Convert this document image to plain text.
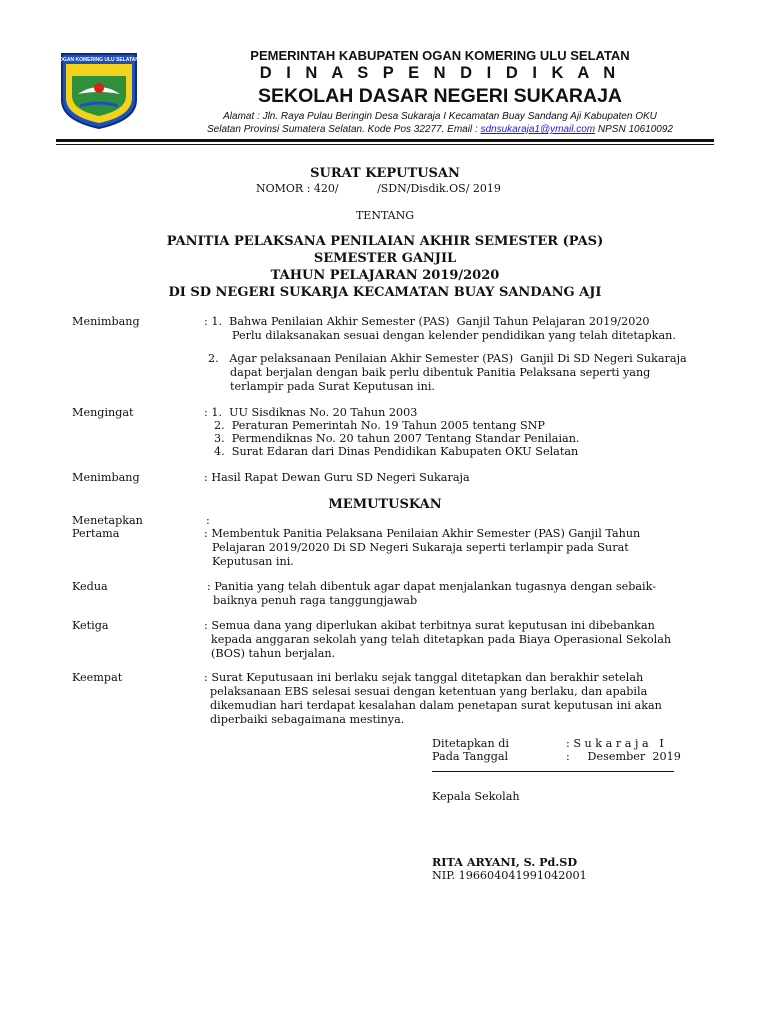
OGAN KOMERING ULU SELATAN	PEMERINTAH KABUPATEN OGAN KOMERING ULU SELATAN
D I N A S P E N D I D I K A N
SEKOLAH DASAR NEGERI SUKARAJA
Alamat : Jln. Raya Pulau Beringin Desa Sukaraja I Kecamatan Buay Sandang Aji Kabupaten OKU
Selatan Provinsi Sumatera Selatan. Kode Pos 32277. Email : sdnsukaraja1@ymail.com NPSN 10610092
SURAT KEPUTUSAN
NOMOR : 420/           /SDN/Disdik.OS/ 2019
TENTANG
PANITIA PELAKSANA PENILAIAN AKHIR SEMESTER (PAS)
SEMESTER GANJIL
TAHUN PELAJARAN 2019/2020
DI SD NEGERI SUKARJA KECAMATAN BUAY SANDANG AJI
Menimbang	: 1.  Bahwa Penilaian Akhir Semester (PAS)  Ganjil Tahun Pelajaran 2019/2020
Perlu dilaksanakan sesuai dengan kelender pendidikan yang telah ditetapkan.
2.   Agar pelaksanaan Penilaian Akhir Semester (PAS)  Ganjil Di SD Negeri Sukaraja
dapat berjalan dengan baik perlu dibentuk Panitia Pelaksana seperti yang
terlampir pada Surat Keputusan ini.
Mengingat	: 1.  UU Sisdiknas No. 20 Tahun 2003
2.  Peraturan Pemerintah No. 19 Tahun 2005 tentang SNP
3.  Permendiknas No. 20 tahun 2007 Tentang Standar Penilaian.
4.  Surat Edaran dari Dinas Pendidikan Kabupaten OKU Selatan
Menimbang	: Hasil Rapat Dewan Guru SD Negeri Sukaraja
MEMUTUSKAN
Menetapkan	:
Pertama	: Membentuk Panitia Pelaksana Penilaian Akhir Semester (PAS) Ganjil Tahun
Pelajaran 2019/2020 Di SD Negeri Sukaraja seperti terlampir pada Surat
Keputusan ini.
Kedua	: Panitia yang telah dibentuk agar dapat menjalankan tugasnya dengan sebaik-
baiknya penuh raga tanggungjawab
Ketiga	: Semua dana yang diperlukan akibat terbitnya surat keputusan ini dibebankan
kepada anggaran sekolah yang telah ditetapkan pada Biaya Operasional Sekolah
(BOS) tahun berjalan.
Keempat	: Surat Keputusaan ini berlaku sejak tanggal ditetapkan dan berakhir setelah
pelaksanaan EBS selesai sesuai dengan ketentuan yang berlaku, dan apabila
dikemudian hari terdapat kesalahan dalam penetapan surat keputusan ini akan
diperbaiki sebagaimana mestinya.
Ditetapkan di	: S u k a r a j a   I
Pada Tanggal	:     Desember  2019
Kepala Sekolah
RITA ARYANI, S. Pd.SD
NIP. 196604041991042001
